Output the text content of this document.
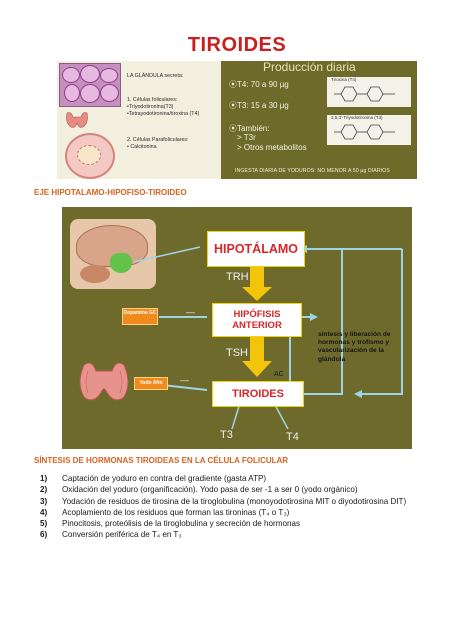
TIROIDES
LA GLÁNDULA secreta:
1. Células foliculares:
•Triyodotironina(T3)
•Tetrayodotironina/tiroxina (T4)
2. Células Parafoliculares:
• Calcitonina
Producción diaria
⦿T4: 70 a 90 µg
⦿T3: 15 a 30 µg
⦿También:
> T3r
> Otros metabolitos
Tiroxina (T4)
3,5,3'-Triyodotironina (T3)
INGESTA DIARIA DE YODUROS: NO MENOR A 50 µg DIARIOS
EJE HIPOTALAMO-HIPOFISO-TIROIDEO
HIPOTÁLAMO
TRH
HIPÓFISIS
ANTERIOR
TSH
TIROIDES
AC
T3	T4
—
—
Dopamina GC
Yodo Alto
síntesis y liberación de hormonas y trofismo y vascularización de la glándula
SÍNTESIS DE HORMONAS TIROIDEAS EN LA CÉLULA FOLICULAR
1) Captación de yoduro en contra del gradiente (gasta ATP)
2) Oxidación del yoduro (organificación). Yodo pasa de ser -1 a ser 0 (yodo orgánico)
3) Yodación de residuos de tirosina de la tiroglobulina (monoyodotirosina MIT o diyodotirosina DIT)
4) Acoplamiento de los residuos que forman las tironinas (T₄ o T₃)
5) Pinocitosis, proteólisis de la tiroglobulina y secreción de hormonas
6) Conversión periférica de T₄ en T₃
